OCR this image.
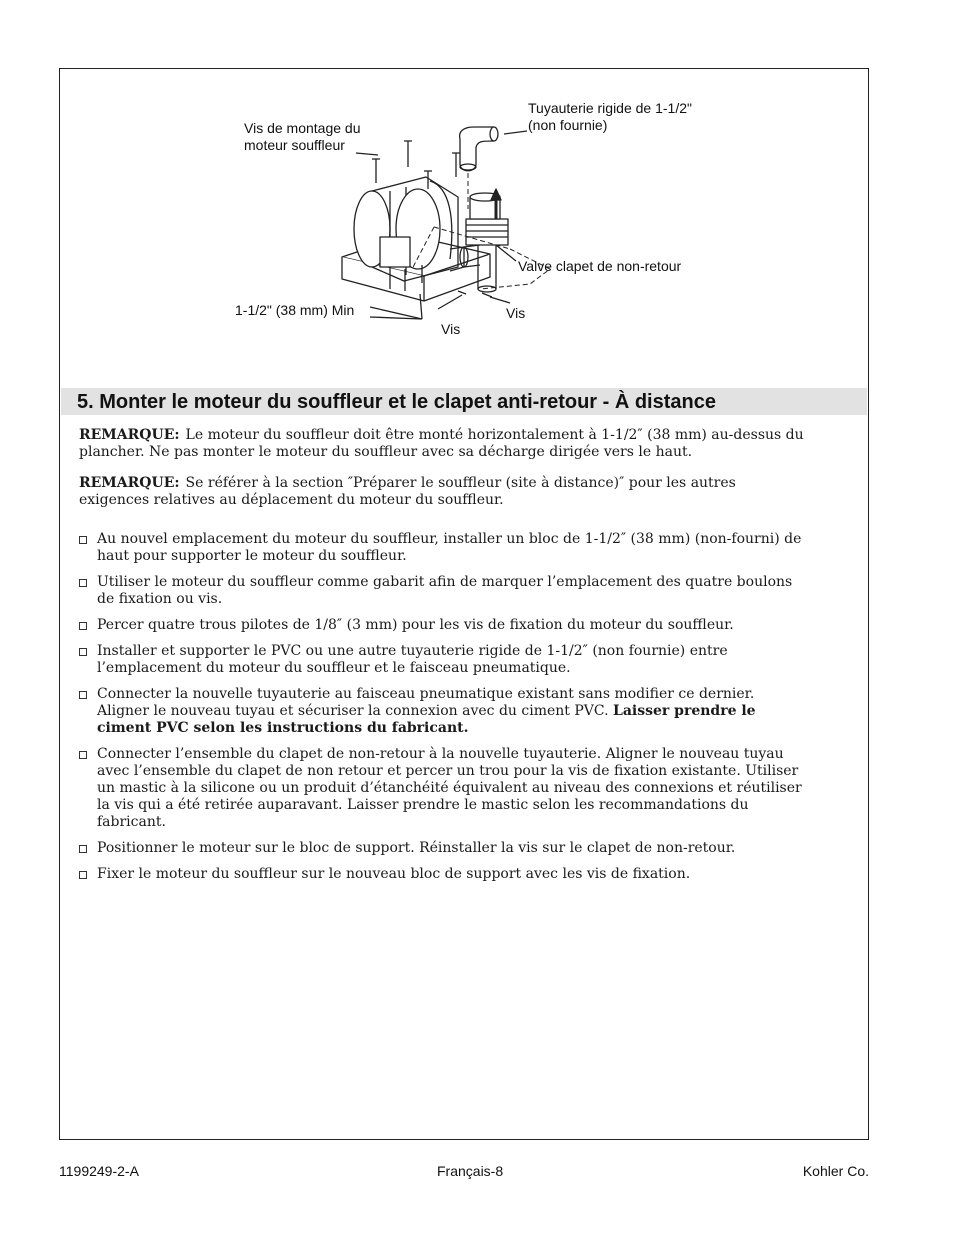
Vis de montage du
moteur souffleur
Tuyauterie rigide de 1-1/2"
(non fournie)
Valve clapet de non-retour
1-1/2" (38 mm) Min
Vis
Vis
5. Monter le moteur du souffleur et le clapet anti-retour - À distance

REMARQUE: Le moteur du souffleur doit être monté horizontalement à 1-1/2″ (38 mm) au-dessus du plancher. Ne pas monter le moteur du souffleur avec sa décharge dirigée vers le haut.

REMARQUE: Se référer à la section ″Préparer le souffleur (site à distance)″ pour les autres exigences relatives au déplacement du moteur du souffleur.

Au nouvel emplacement du moteur du souffleur, installer un bloc de 1-1/2″ (38 mm) (non-fourni) de haut pour supporter le moteur du souffleur.
Utiliser le moteur du souffleur comme gabarit afin de marquer l’emplacement des quatre boulons de fixation ou vis.
Percer quatre trous pilotes de 1/8″ (3 mm) pour les vis de fixation du moteur du souffleur.
Installer et supporter le PVC ou une autre tuyauterie rigide de 1-1/2″ (non fournie) entre l’emplacement du moteur du souffleur et le faisceau pneumatique.
Connecter la nouvelle tuyauterie au faisceau pneumatique existant sans modifier ce dernier. Aligner le nouveau tuyau et sécuriser la connexion avec du ciment PVC. Laisser prendre le ciment PVC selon les instructions du fabricant.
Connecter l’ensemble du clapet de non-retour à la nouvelle tuyauterie. Aligner le nouveau tuyau avec l’ensemble du clapet de non retour et percer un trou pour la vis de fixation existante. Utiliser un mastic à la silicone ou un produit d’étanchéité équivalent au niveau des connexions et réutiliser la vis qui a été retirée auparavant. Laisser prendre le mastic selon les recommandations du fabricant.
Positionner le moteur sur le bloc de support. Réinstaller la vis sur le clapet de non-retour.
Fixer le moteur du souffleur sur le nouveau bloc de support avec les vis de fixation.
1199249-2-A	Français-8	Kohler Co.
